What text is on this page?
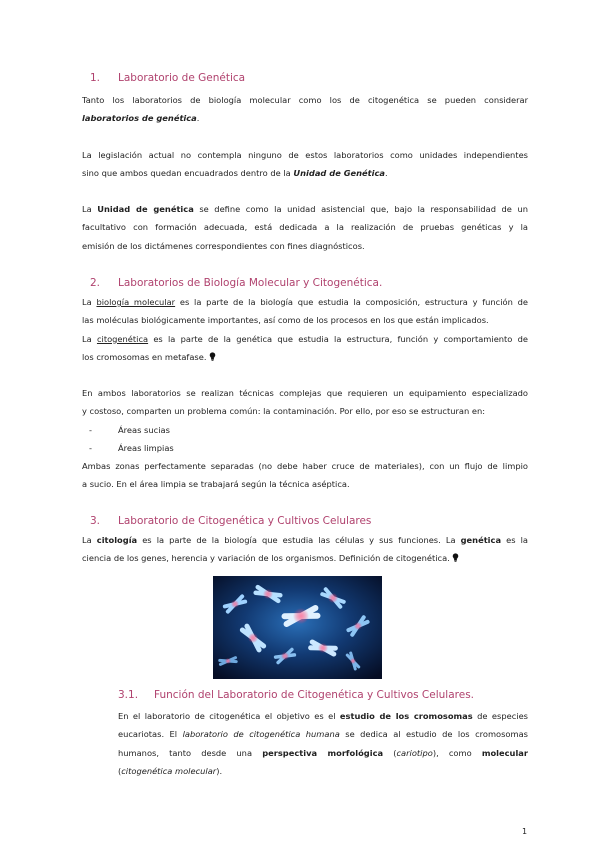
1. Laboratorio de Genética
Tanto los laboratorios de biología molecular como los de citogenética se pueden considerar
laboratorios de genética.
La legislación actual no contempla ninguno de estos laboratorios como unidades independientes
sino que ambos quedan encuadrados dentro de la Unidad de Genética.
La Unidad de genética se define como la unidad asistencial que, bajo la responsabilidad de un
facultativo con formación adecuada, está dedicada a la realización de pruebas genéticas y la
emisión de los dictámenes correspondientes con fines diagnósticos.
2. Laboratorios de Biología Molecular y Citogenética.
La biología molecular es la parte de la biología que estudia la composición, estructura y función de
las moléculas biológicamente importantes, así como de los procesos en los que están implicados.
La citogenética es la parte de la genética que estudia la estructura, función y comportamiento de
los cromosomas en metafase.
En ambos laboratorios se realizan técnicas complejas que requieren un equipamiento especializado
y costoso, comparten un problema común: la contaminación. Por ello, por eso se estructuran en:
-	Áreas sucias
-	Áreas limpias
Ambas zonas perfectamente separadas (no debe haber cruce de materiales), con un flujo de limpio
a sucio. En el área limpia se trabajará según la técnica aséptica.
3. Laboratorio de Citogenética y Cultivos Celulares
La citología es la parte de la biología que estudia las células y sus funciones. La genética es la
ciencia de los genes, herencia y variación de los organismos. Definición de citogenética.
3.1. Función del Laboratorio de Citogenética y Cultivos Celulares.
En el laboratorio de citogenética el objetivo es el estudio de los cromosomas de especies
eucariotas. El laboratorio de citogenética humana se dedica al estudio de los cromosomas
humanos, tanto desde una perspectiva morfológica (cariotipo), como molecular
(citogenética molecular).
1
